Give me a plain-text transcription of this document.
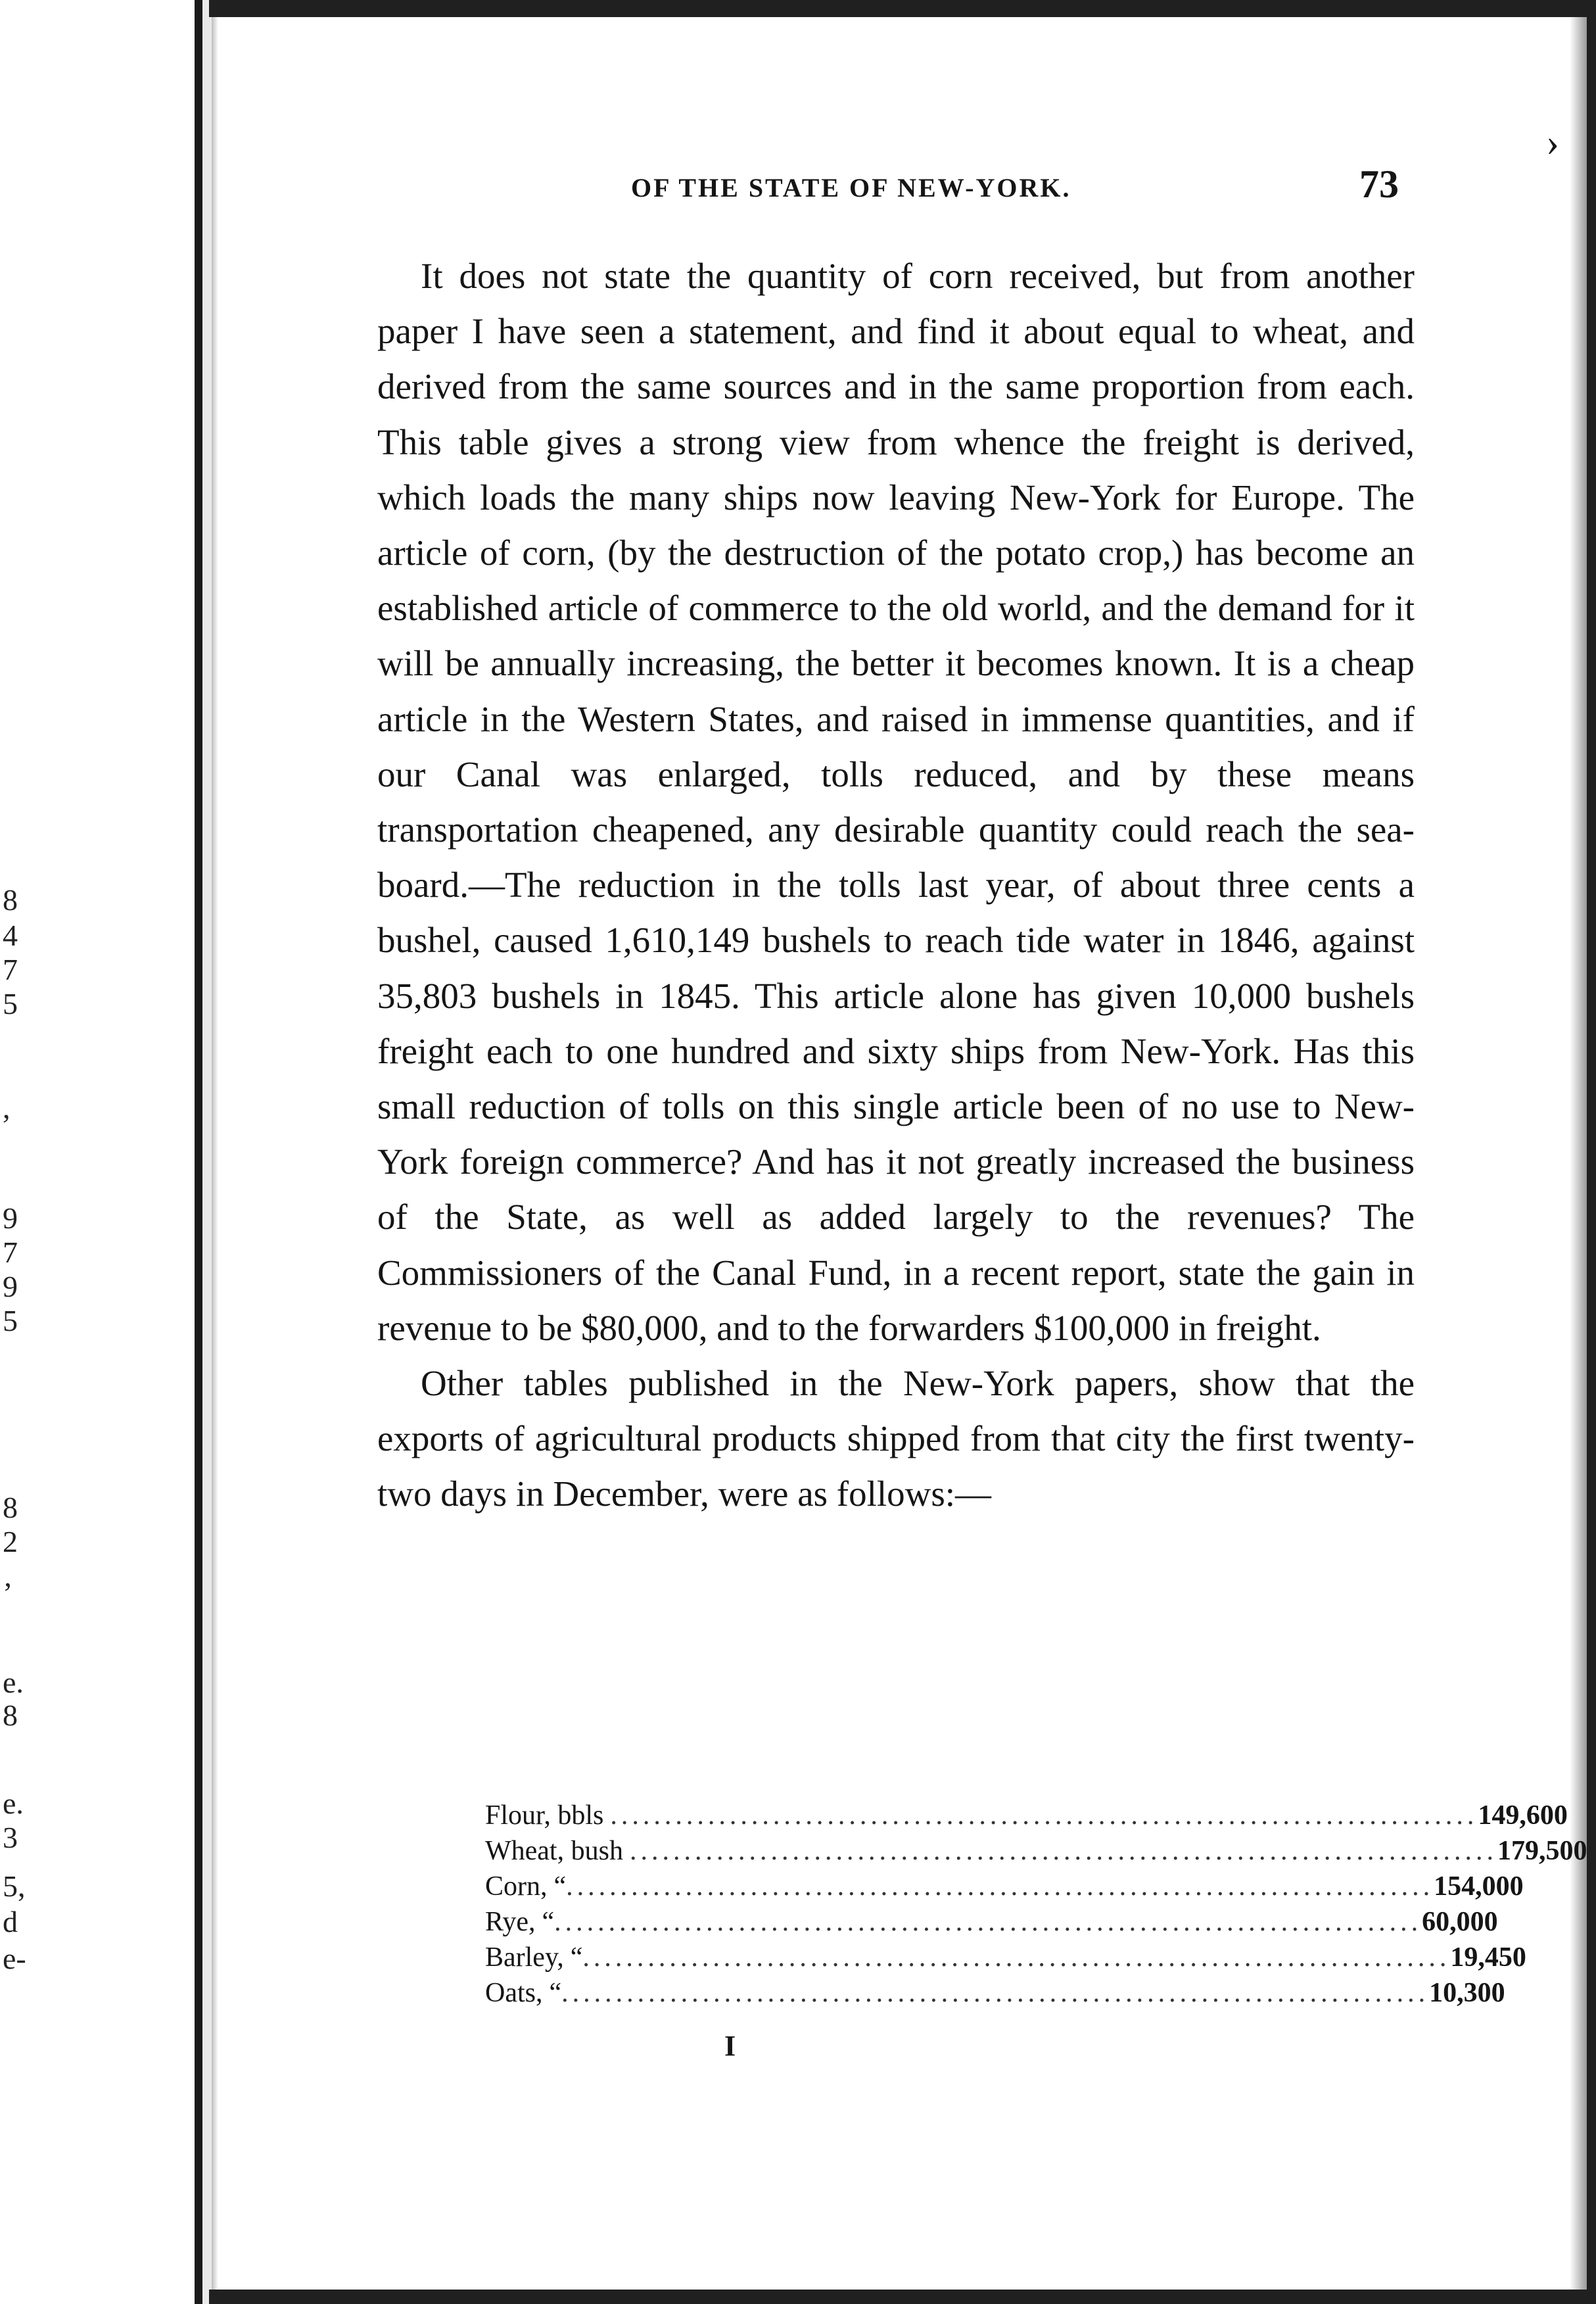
8
4
7
5
,
9
7
9
5
8
2
’
e.
8
e.
3
5,
d
e-
OF THE STATE OF NEW-YORK.	73

It does not state the quantity of corn received, but from another paper I have seen a statement, and find it about equal to wheat, and derived from the same sources and in the same proportion from each. This table gives a strong view from whence the freight is derived, which loads the many ships now leaving New-York for Europe. The article of corn, (by the destruction of the potato crop,) has become an established article of commerce to the old world, and the demand for it will be annually increasing, the better it becomes known. It is a cheap article in the Western States, and raised in immense quantities, and if our Canal was enlarged, tolls reduced, and by these means transportation cheapened, any desirable quantity could reach the sea-board.—The reduction in the tolls last year, of about three cents a bushel, caused 1,610,149 bushels to reach tide water in 1846, against 35,803 bushels in 1845. This article alone has given 10,000 bushels freight each to one hundred and sixty ships from New-York. Has this small reduction of tolls on this single article been of no use to New-York foreign commerce? And has it not greatly increased the business of the State, as well as added largely to the revenues? The Commissioners of the Canal Fund, in a recent report, state the gain in revenue to be $80,000, and to the forwarders $100,000 in freight.

Other tables published in the New-York papers, show that the exports of agricultural products shipped from that city the first twenty-two days in December, were as follows:—

Flour, bbls ................................................................................ 149,600
Wheat, bush ................................................................................ 179,500
Corn, “ ................................................................................ 154,000
Rye, “ ................................................................................ 60,000
Barley, “ ................................................................................ 19,450
Oats, “ ................................................................................ 10,300
I
›
